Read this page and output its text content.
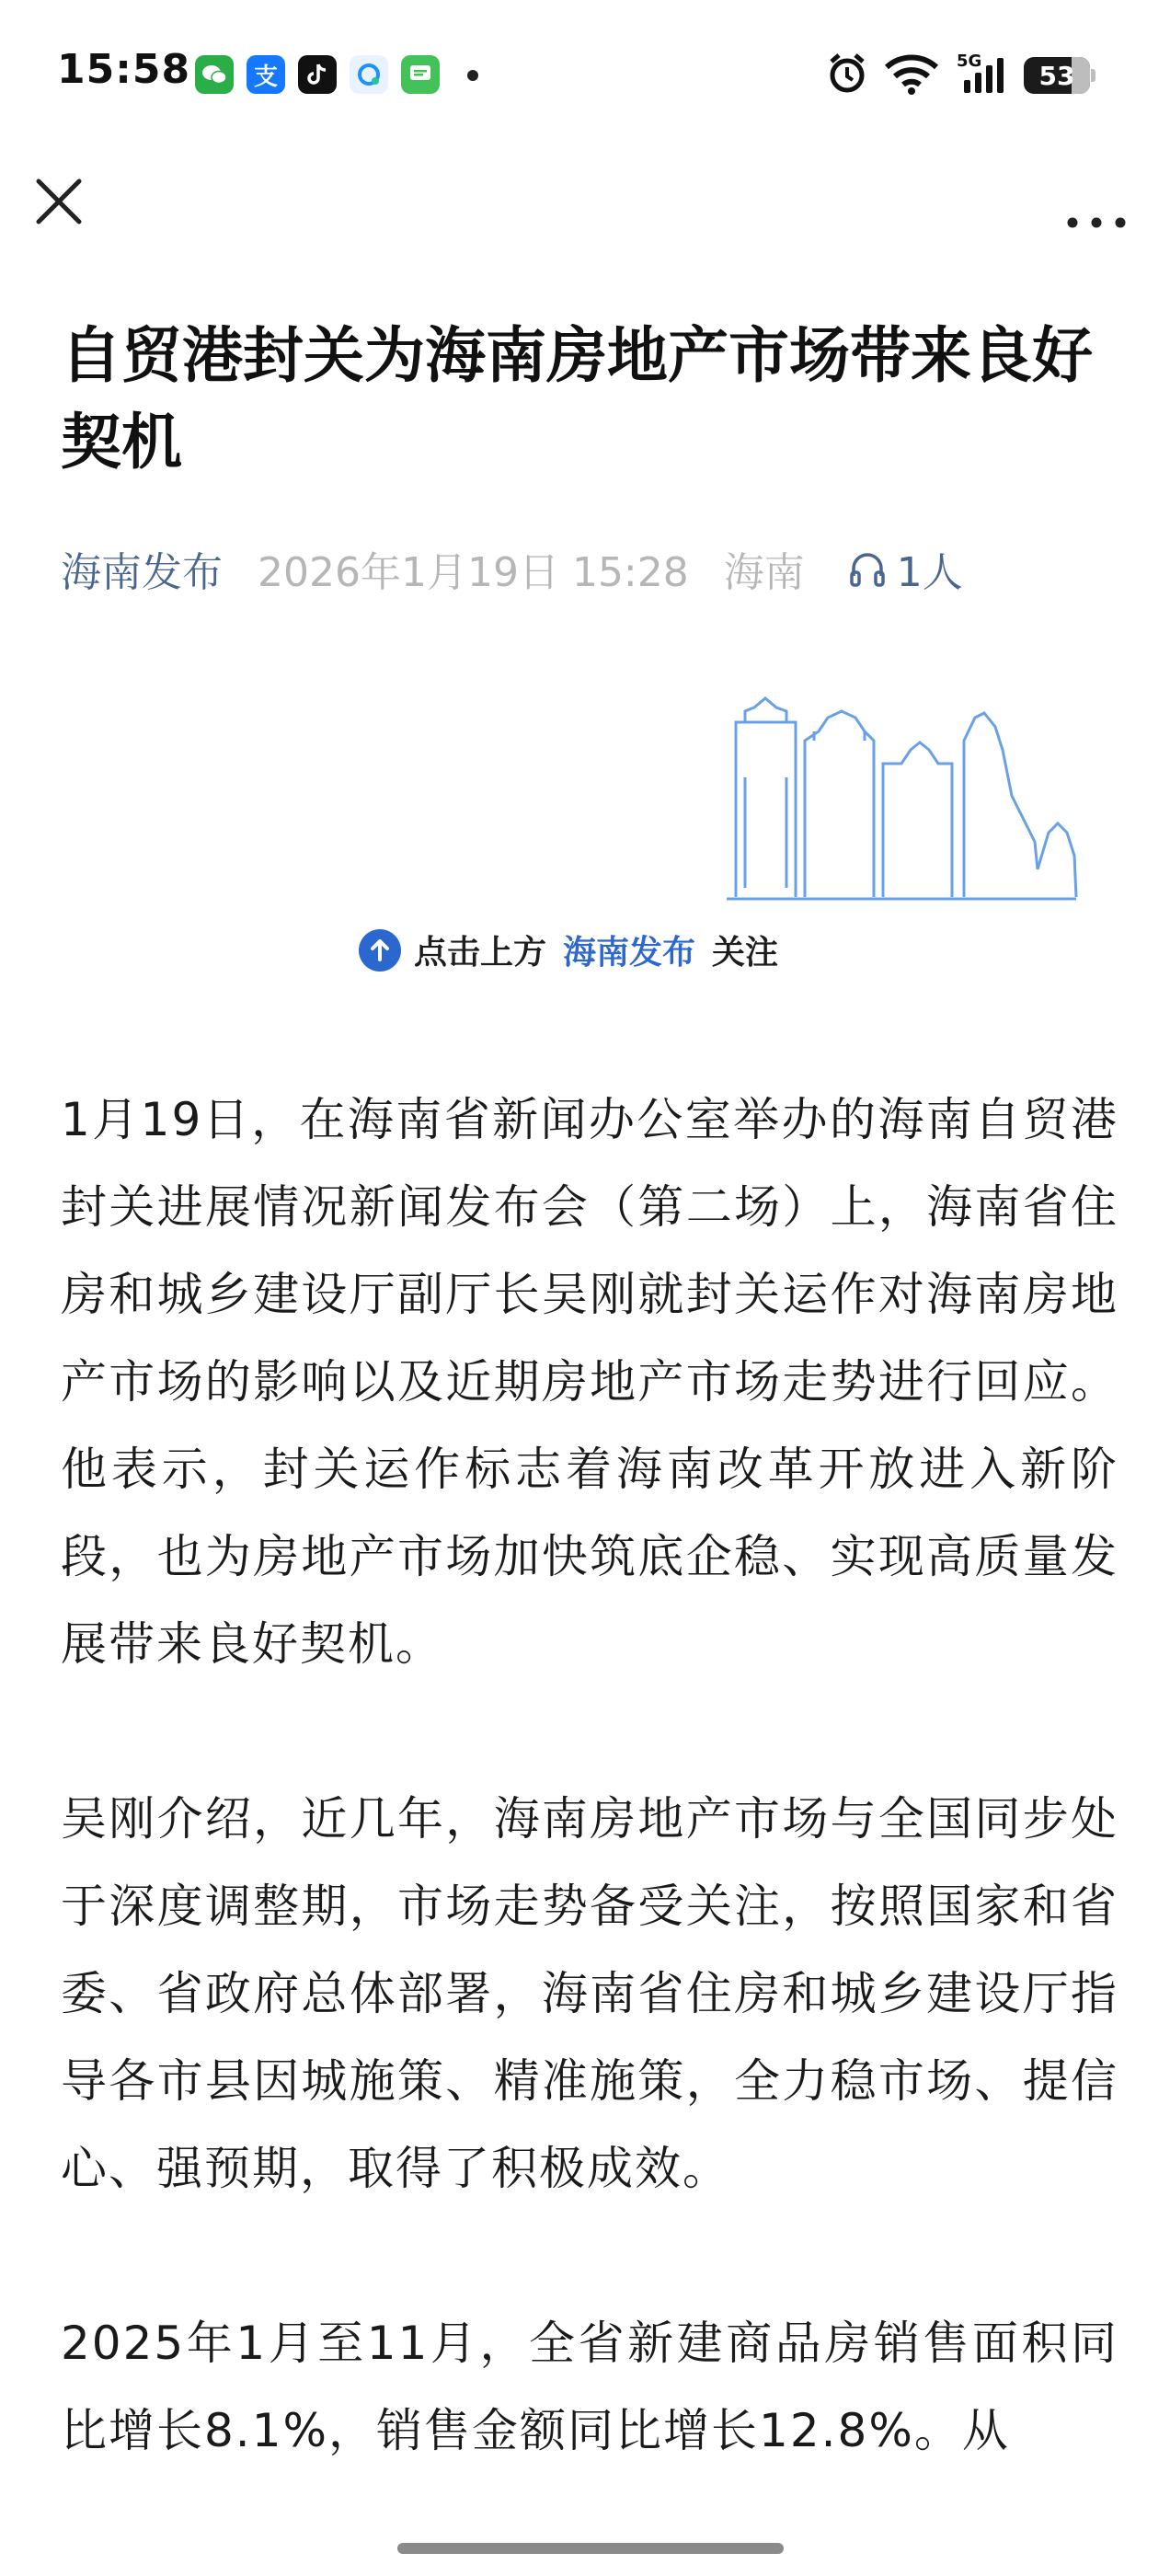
15:58	支
5G 53
自贸港封关为海南房地产市场带来良好契机
海南发布 2026年1月19日 15:28 海南 1人
点击上方 海南发布 关注

1月19日，在海南省新闻办公室举办的海南自贸港封关进展情况新闻发布会（第二场）上，海南省住房和城乡建设厅副厅长吴刚就封关运作对海南房地产市场的影响以及近期房地产市场走势进行回应。他表示，封关运作标志着海南改革开放进入新阶段，也为房地产市场加快筑底企稳、实现高质量发展带来良好契机。

吴刚介绍，近几年，海南房地产市场与全国同步处于深度调整期，市场走势备受关注，按照国家和省委、省政府总体部署，海南省住房和城乡建设厅指导各市县因城施策、精准施策，全力稳市场、提信心、强预期，取得了积极成效。

2025年1月至11月，全省新建商品房销售面积同比增长8.1%，销售金额同比增长12.8%。从
